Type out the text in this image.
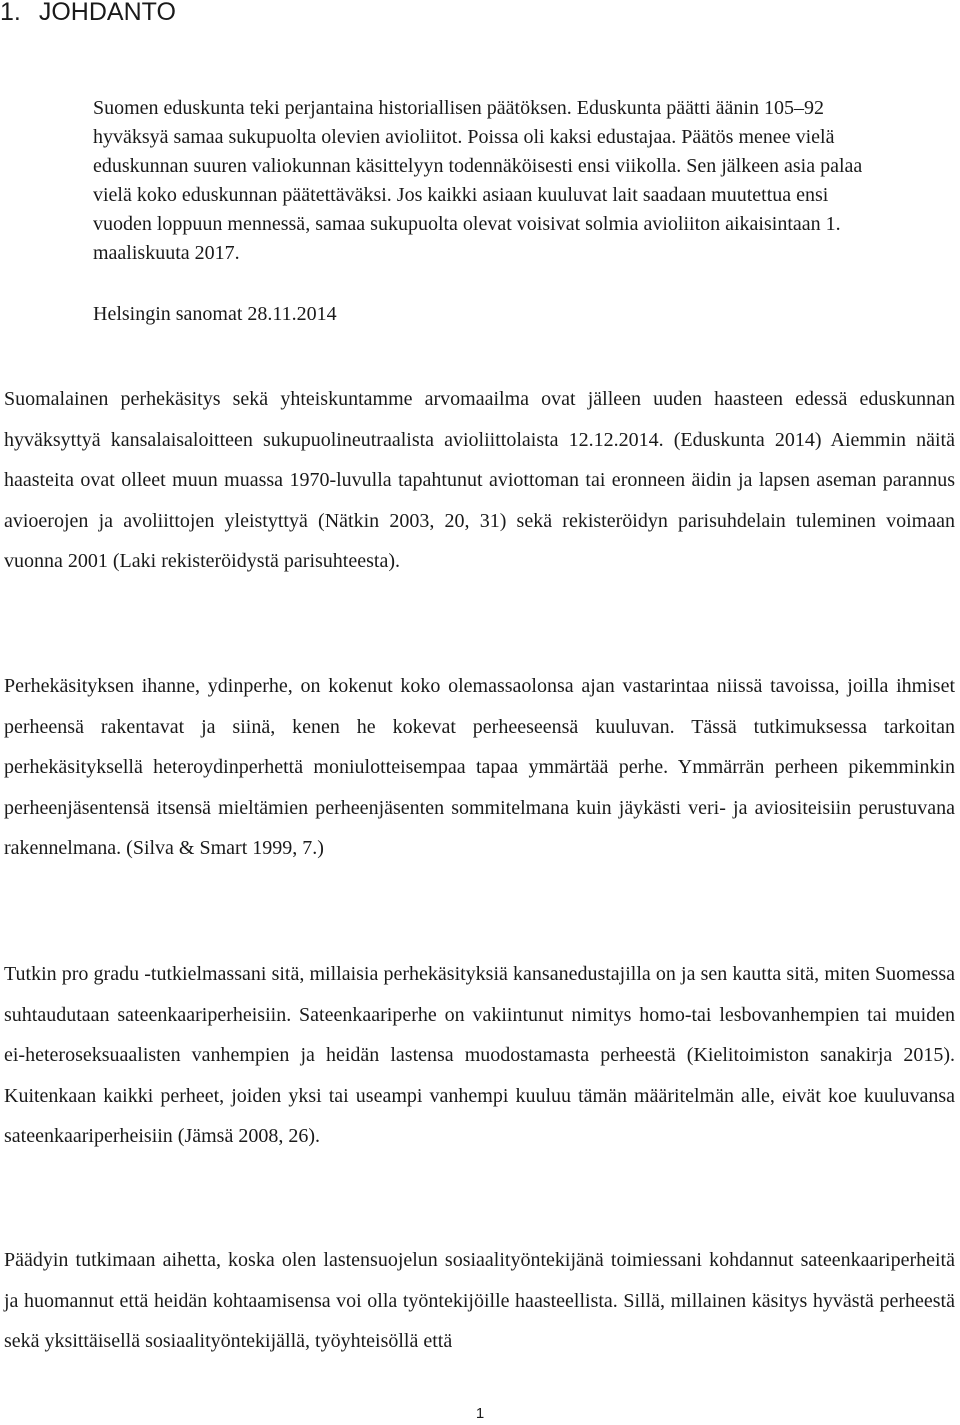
1. JOHDANTO

Suomen eduskunta teki perjantaina historiallisen päätöksen. Eduskunta päätti äänin 105–92 hyväksyä samaa sukupuolta olevien avioliitot. Poissa oli kaksi edustajaa. Päätös menee vielä eduskunnan suuren valiokunnan käsittelyyn todennäköisesti ensi viikolla. Sen jälkeen asia palaa vielä koko eduskunnan päätettäväksi. Jos kaikki asiaan kuuluvat lait saadaan muutettua ensi vuoden loppuun mennessä, samaa sukupuolta olevat voisivat solmia avioliiton aikaisintaan 1. maaliskuuta 2017.

Helsingin sanomat 28.11.2014

Suomalainen perhekäsitys sekä yhteiskuntamme arvomaailma ovat jälleen uuden haasteen edessä eduskunnan hyväksyttyä kansalaisaloitteen sukupuolineutraalista avioliittolaista 12.12.2014. (Eduskunta 2014) Aiemmin näitä haasteita ovat olleet muun muassa 1970-luvulla tapahtunut aviottoman tai eronneen äidin ja lapsen aseman parannus avioerojen ja avoliittojen yleistyttyä (Nätkin 2003, 20, 31) sekä rekisteröidyn parisuhdelain tuleminen voimaan vuonna 2001 (Laki rekisteröidystä parisuhteesta).

Perhekäsityksen ihanne, ydinperhe, on kokenut koko olemassaolonsa ajan vastarintaa niissä tavoissa, joilla ihmiset perheensä rakentavat ja siinä, kenen he kokevat perheeseensä kuuluvan. Tässä tutkimuksessa tarkoitan perhekäsityksellä heteroydinperhettä moniulotteisempaa tapaa ymmärtää perhe. Ymmärrän perheen pikemminkin perheenjäsentensä itsensä mieltämien perheenjäsenten sommitelmana kuin jäykästi veri- ja aviositeisiin perustuvana rakennelmana. (Silva & Smart 1999, 7.)

Tutkin pro gradu -tutkielmassani sitä, millaisia perhekäsityksiä kansanedustajilla on ja sen kautta sitä, miten Suomessa suhtaudutaan sateenkaariperheisiin. Sateenkaariperhe on vakiintunut nimitys homo-tai lesbovanhempien tai muiden ei-heteroseksuaalisten vanhempien ja heidän lastensa muodostamasta perheestä (Kielitoimiston sanakirja 2015). Kuitenkaan kaikki perheet, joiden yksi tai useampi vanhempi kuuluu tämän määritelmän alle, eivät koe kuuluvansa sateenkaariperheisiin (Jämsä 2008, 26).

Päädyin tutkimaan aihetta, koska olen lastensuojelun sosiaalityöntekijänä toimiessani kohdannut sateenkaariperheitä ja huomannut että heidän kohtaamisensa voi olla työntekijöille haasteellista. Sillä, millainen käsitys hyvästä perheestä sekä yksittäisellä sosiaalityöntekijällä, työyhteisöllä että

1
